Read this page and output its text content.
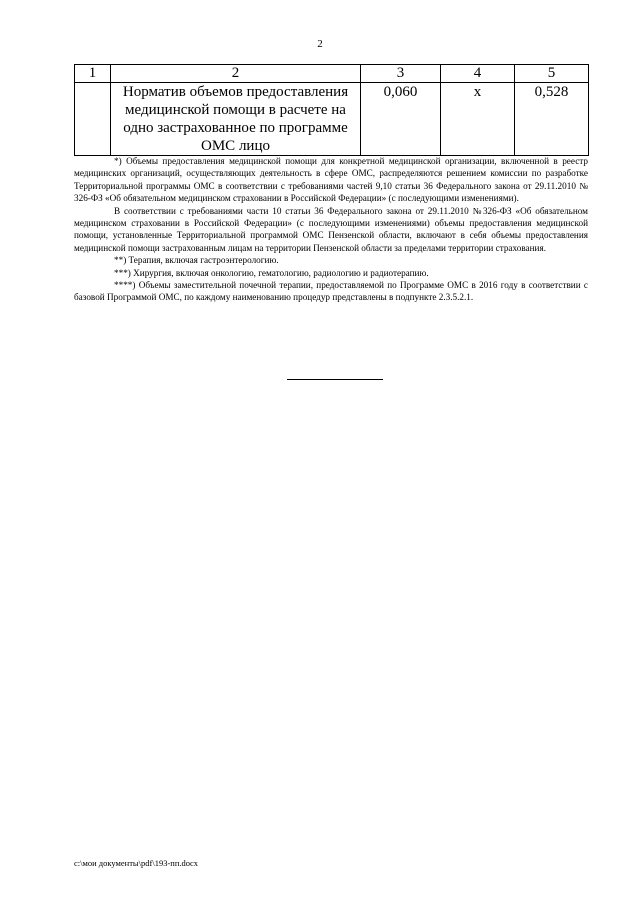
2
1	2	3	4	5
	Норматив объемов предоставления медицинской помощи в расчете на одно застрахованное по программе ОМС лицо	0,060	х	0,528

*) Объемы предоставления медицинской помощи для конкретной медицинской организации, включенной в реестр медицинских организаций, осуществляющих деятельность в сфере ОМС, распределяются решением комиссии по разработке Территориальной программы ОМС в соответствии с требованиями частей 9,10 статьи 36 Федерального закона от 29.11.2010 № 326-ФЗ «Об обязательном медицинском страховании в Российской Федерации» (с последующими изменениями).

В соответствии с требованиями части 10 статьи 36 Федерального закона от 29.11.2010 №326-ФЗ «Об обязательном медицинском страховании в Российской Федерации» (с последующими изменениями) объемы предоставления медицинской помощи, установленные Территориальной программой ОМС Пензенской области, включают в себя объемы предоставления медицинской помощи застрахованным лицам на территории Пензенской области за пределами территории страхования.

**) Терапия, включая гастроэнтерологию.

***) Хирургия, включая онкологию, гематологию, радиологию и радиотерапию.

****) Объемы заместительной почечной терапии, предоставляемой по Программе ОМС в 2016 году в соответствии с базовой Программой ОМС, по каждому наименованию процедур представлены в подпункте 2.3.5.2.1.

c:\мои документы\pdf\193-пп.docx
